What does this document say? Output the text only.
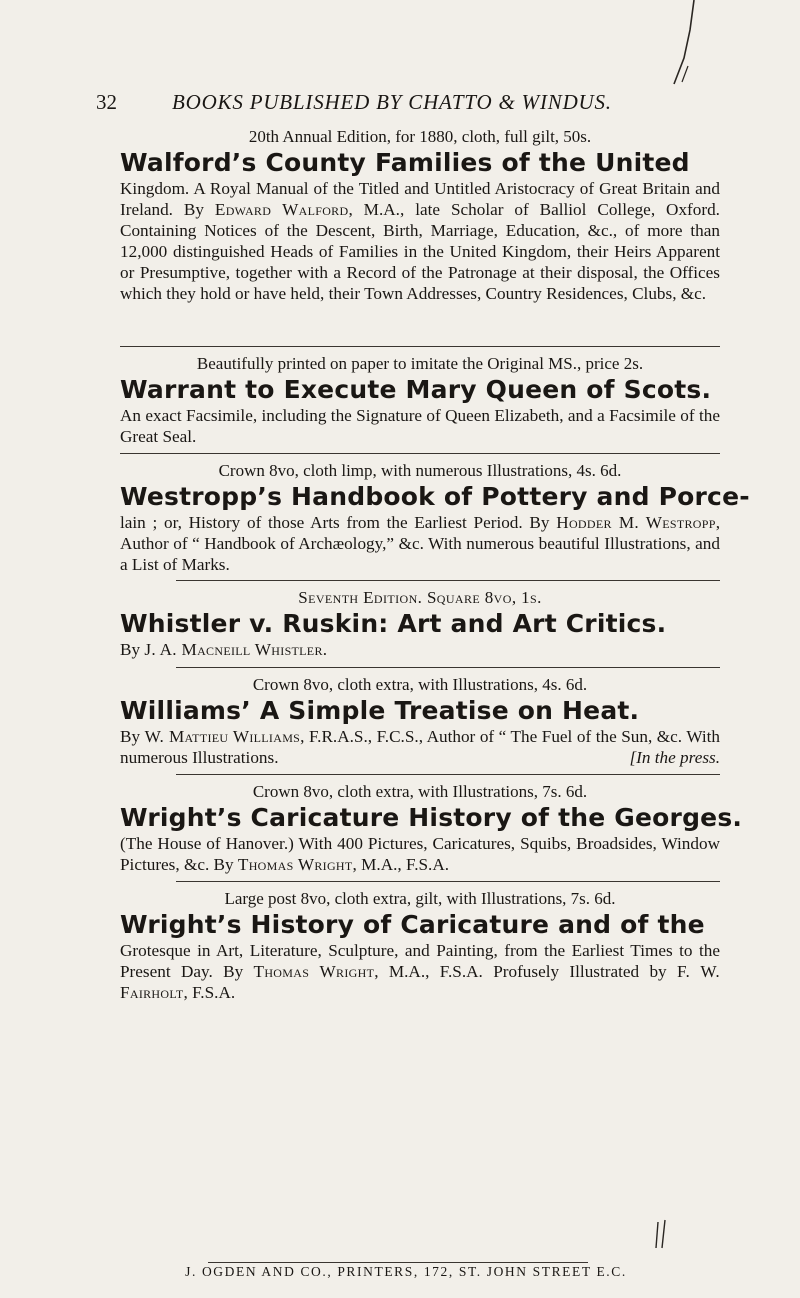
32	BOOKS PUBLISHED BY CHATTO & WINDUS.
20th Annual Edition, for 1880, cloth, full gilt, 50s.
Walford’s County Families of the United
Kingdom. A Royal Manual of the Titled and Untitled Aristocracy of Great Britain and Ireland. By Edward Walford, M.A., late Scholar of Balliol College, Oxford. Containing Notices of the Descent, Birth, Marriage, Education, &c., of more than 12,000 distinguished Heads of Families in the United Kingdom, their Heirs Apparent or Presumptive, together with a Record of the Patronage at their disposal, the Offices which they hold or have held, their Town Addresses, Country Residences, Clubs, &c.
Beautifully printed on paper to imitate the Original MS., price 2s.
Warrant to Execute Mary Queen of Scots.
An exact Facsimile, including the Signature of Queen Elizabeth, and a Facsimile of the Great Seal.
Crown 8vo, cloth limp, with numerous Illustrations, 4s. 6d.
Westropp’s Handbook of Pottery and Porce-
lain ; or, History of those Arts from the Earliest Period. By Hodder M. Westropp, Author of “ Handbook of Archæology,” &c. With numerous beautiful Illustrations, and a List of Marks.
Seventh Edition. Square 8vo, 1s.
Whistler v. Ruskin: Art and Art Critics.
By J. A. Macneill Whistler.
Crown 8vo, cloth extra, with Illustrations, 4s. 6d.
Williams’ A Simple Treatise on Heat.
By W. Mattieu Williams, F.R.A.S., F.C.S., Author of “ The Fuel of the Sun, &c. With numerous Illustrations.	[In the press.
Crown 8vo, cloth extra, with Illustrations, 7s. 6d.
Wright’s Caricature History of the Georges.
(The House of Hanover.) With 400 Pictures, Caricatures, Squibs, Broadsides, Window Pictures, &c. By Thomas Wright, M.A., F.S.A.
Large post 8vo, cloth extra, gilt, with Illustrations, 7s. 6d.
Wright’s History of Caricature and of the
Grotesque in Art, Literature, Sculpture, and Painting, from the Earliest Times to the Present Day. By Thomas Wright, M.A., F.S.A. Profusely Illustrated by F. W. Fairholt, F.S.A.
J. OGDEN AND CO., PRINTERS, 172, ST. JOHN STREET E.C.
